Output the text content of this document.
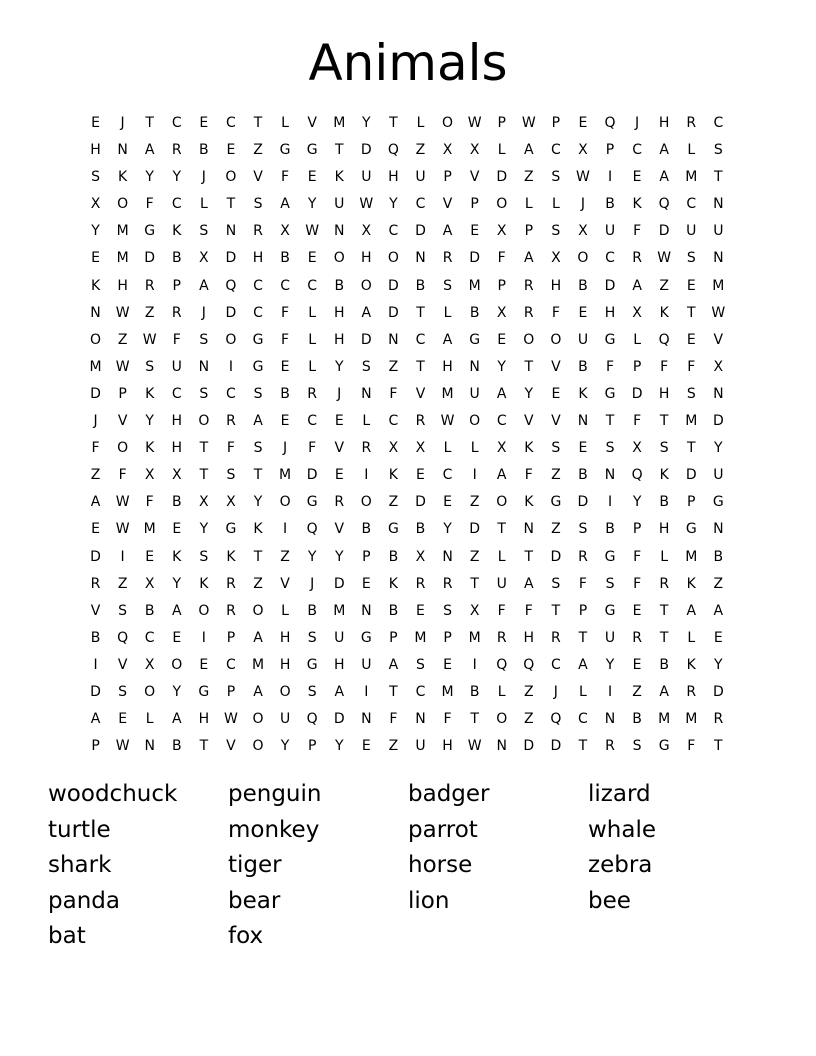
Animals
E	J	T	C	E	C	T	L	V	M	Y	T	L	O	W	P	W	P	E	Q	J	H	R	C
H	N	A	R	B	E	Z	G	G	T	D	Q	Z	X	X	L	A	C	X	P	C	A	L	S
S	K	Y	Y	J	O	V	F	E	K	U	H	U	P	V	D	Z	S	W	I	E	A	M	T
X	O	F	C	L	T	S	A	Y	U	W	Y	C	V	P	O	L	L	J	B	K	Q	C	N
Y	M	G	K	S	N	R	X	W	N	X	C	D	A	E	X	P	S	X	U	F	D	U	U
E	M	D	B	X	D	H	B	E	O	H	O	N	R	D	F	A	X	O	C	R	W	S	N
K	H	R	P	A	Q	C	C	C	B	O	D	B	S	M	P	R	H	B	D	A	Z	E	M
N	W	Z	R	J	D	C	F	L	H	A	D	T	L	B	X	R	F	E	H	X	K	T	W
O	Z	W	F	S	O	G	F	L	H	D	N	C	A	G	E	O	O	U	G	L	Q	E	V
M	W	S	U	N	I	G	E	L	Y	S	Z	T	H	N	Y	T	V	B	F	P	F	F	X
D	P	K	C	S	C	S	B	R	J	N	F	V	M	U	A	Y	E	K	G	D	H	S	N
J	V	Y	H	O	R	A	E	C	E	L	C	R	W	O	C	V	V	N	T	F	T	M	D
F	O	K	H	T	F	S	J	F	V	R	X	X	L	L	X	K	S	E	S	X	S	T	Y
Z	F	X	X	T	S	T	M	D	E	I	K	E	C	I	A	F	Z	B	N	Q	K	D	U
A	W	F	B	X	X	Y	O	G	R	O	Z	D	E	Z	O	K	G	D	I	Y	B	P	G
E	W	M	E	Y	G	K	I	Q	V	B	G	B	Y	D	T	N	Z	S	B	P	H	G	N
D	I	E	K	S	K	T	Z	Y	Y	P	B	X	N	Z	L	T	D	R	G	F	L	M	B
R	Z	X	Y	K	R	Z	V	J	D	E	K	R	R	T	U	A	S	F	S	F	R	K	Z
V	S	B	A	O	R	O	L	B	M	N	B	E	S	X	F	F	T	P	G	E	T	A	A
B	Q	C	E	I	P	A	H	S	U	G	P	M	P	M	R	H	R	T	U	R	T	L	E
I	V	X	O	E	C	M	H	G	H	U	A	S	E	I	Q	Q	C	A	Y	E	B	K	Y
D	S	O	Y	G	P	A	O	S	A	I	T	C	M	B	L	Z	J	L	I	Z	A	R	D
A	E	L	A	H	W	O	U	Q	D	N	F	N	F	T	O	Z	Q	C	N	B	M	M	R
P	W	N	B	T	V	O	Y	P	Y	E	Z	U	H	W	N	D	D	T	R	S	G	F	T
woodchuck	penguin	badger	lizard
turtle	monkey	parrot	whale
shark	tiger	horse	zebra
panda	bear	lion	bee
bat	fox
